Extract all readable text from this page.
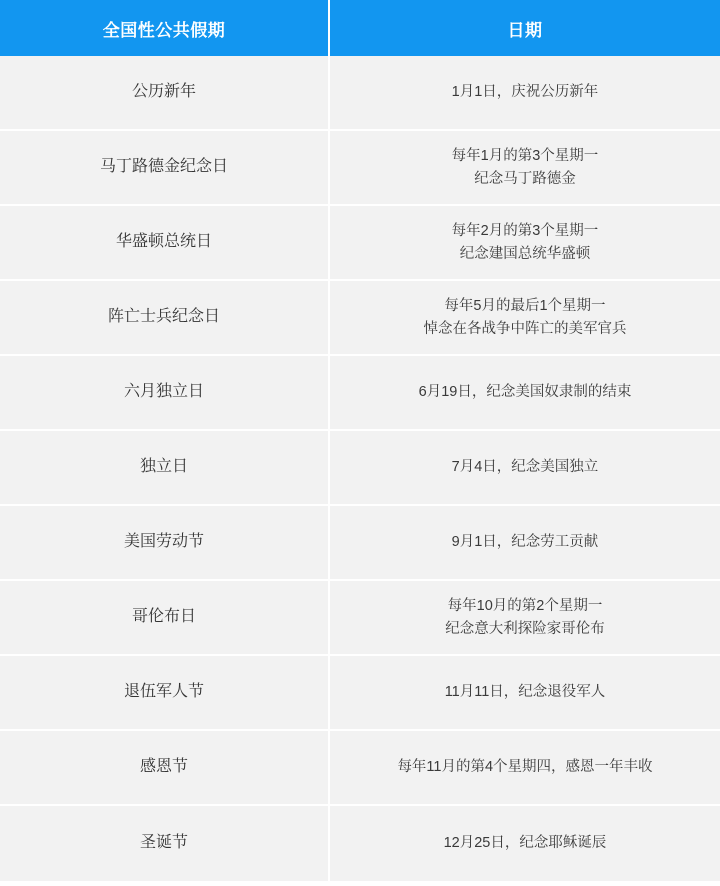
全国性公共假期	日期
公历新年	1月1日，庆祝公历新年

马丁路德金纪念日	每年1月的第3个星期一
纪念马丁路德金

华盛顿总统日	每年2月的第3个星期一
纪念建国总统华盛顿

阵亡士兵纪念日	每年5月的最后1个星期一
悼念在各战争中阵亡的美军官兵

六月独立日	6月19日，纪念美国奴隶制的结束

独立日	7月4日，纪念美国独立

美国劳动节	9月1日，纪念劳工贡献

哥伦布日	每年10月的第2个星期一
纪念意大利探险家哥伦布

退伍军人节	11月11日，纪念退役军人

感恩节	每年11月的第4个星期四，感恩一年丰收

圣诞节	12月25日，纪念耶稣诞辰
